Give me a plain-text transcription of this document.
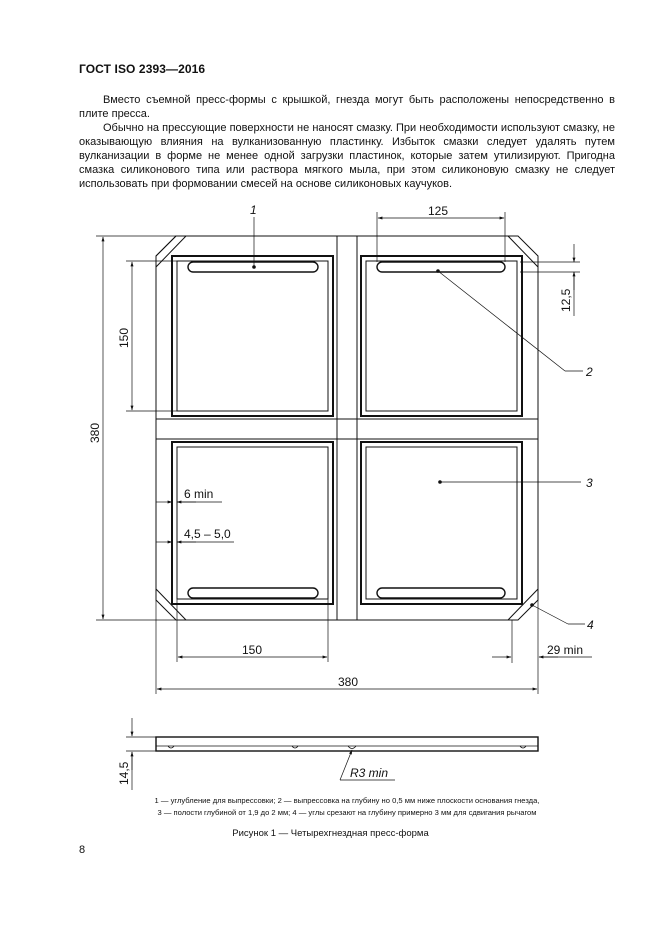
ГОСТ ISO 2393—2016

Вместо съемной пресс-формы с крышкой, гнезда могут быть расположены непосредственно в плите пресса.

Обычно на прессующие поверхности не наносят смазку. При необходимости используют смазку, не оказывающую влияния на вулканизованную пластинку. Избыток смазки следует удалять путем вулканизации в форме не менее одной загрузки пластинок, которые затем утилизируют. Пригодна смазка силиконового типа или раствора мягкого мыла, при этом силиконовую смазку не следует использовать при формовании смесей на основе силиконовых каучуков.

1
2
3
4
125
12,5
150
380
6 min
4,5 – 5,0
150	29 min
380
14,5	R3 min

1 — углубление для выпрессовки; 2 — выпрессовка на глубину но 0,5 мм ниже плоскости основания гнезда,

3 — полости глубиной от 1,9 до 2 мм; 4 — углы срезают на глубину примерно 3 мм для сдвигания рычагом

Рисунок 1 — Четырехгнездная пресс-форма
8
